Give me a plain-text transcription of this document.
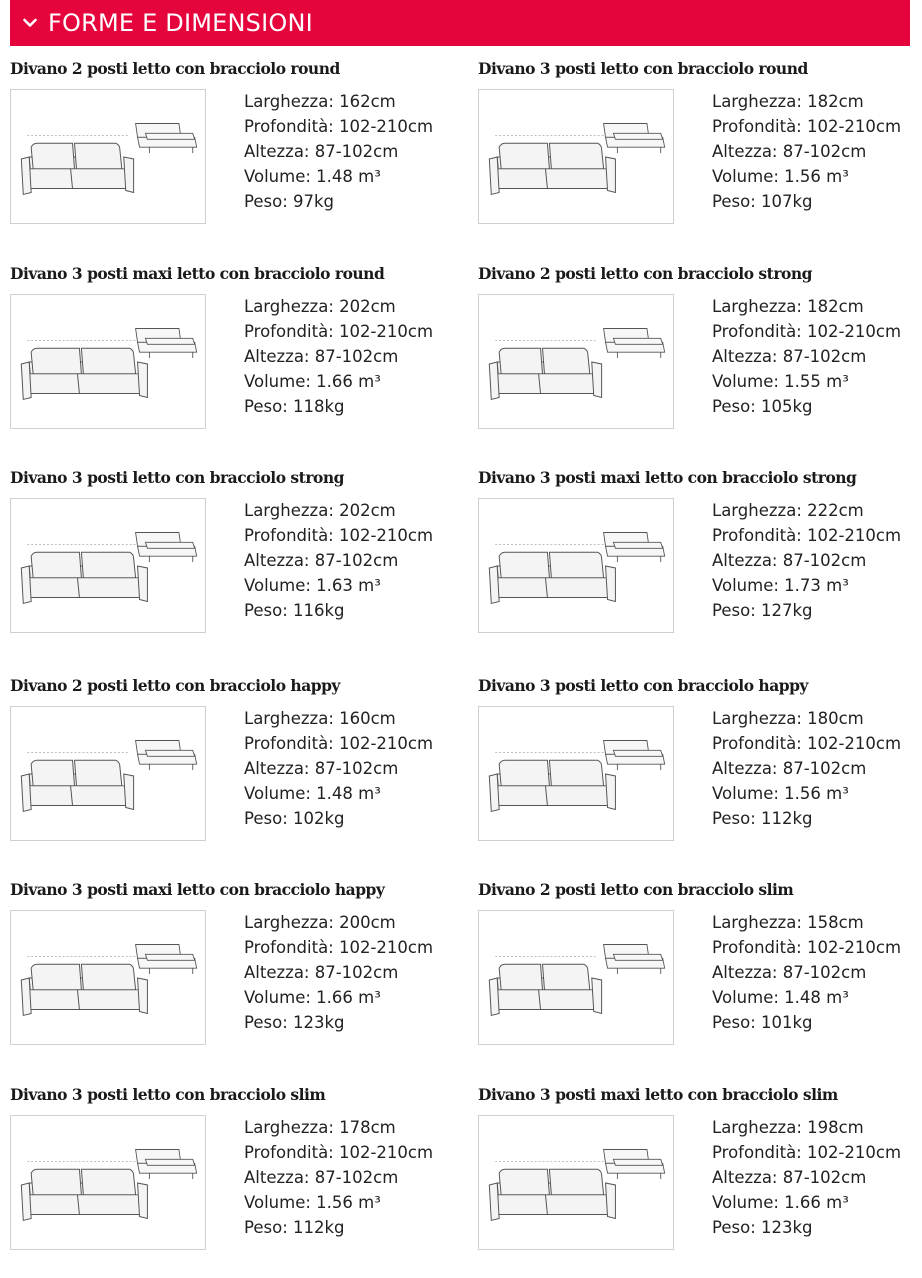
FORME E DIMENSIONI
Divano 2 posti letto con bracciolo round
Larghezza: 162cm
Profondità: 102-210cm
Altezza: 87-102cm
Volume: 1.48 m³
Peso: 97kg
Divano 3 posti letto con bracciolo round
Larghezza: 182cm
Profondità: 102-210cm
Altezza: 87-102cm
Volume: 1.56 m³
Peso: 107kg
Divano 3 posti maxi letto con bracciolo round
Larghezza: 202cm
Profondità: 102-210cm
Altezza: 87-102cm
Volume: 1.66 m³
Peso: 118kg
Divano 2 posti letto con bracciolo strong
Larghezza: 182cm
Profondità: 102-210cm
Altezza: 87-102cm
Volume: 1.55 m³
Peso: 105kg
Divano 3 posti letto con bracciolo strong
Larghezza: 202cm
Profondità: 102-210cm
Altezza: 87-102cm
Volume: 1.63 m³
Peso: 116kg
Divano 3 posti maxi letto con bracciolo strong
Larghezza: 222cm
Profondità: 102-210cm
Altezza: 87-102cm
Volume: 1.73 m³
Peso: 127kg
Divano 2 posti letto con bracciolo happy
Larghezza: 160cm
Profondità: 102-210cm
Altezza: 87-102cm
Volume: 1.48 m³
Peso: 102kg
Divano 3 posti letto con bracciolo happy
Larghezza: 180cm
Profondità: 102-210cm
Altezza: 87-102cm
Volume: 1.56 m³
Peso: 112kg
Divano 3 posti maxi letto con bracciolo happy
Larghezza: 200cm
Profondità: 102-210cm
Altezza: 87-102cm
Volume: 1.66 m³
Peso: 123kg
Divano 2 posti letto con bracciolo slim
Larghezza: 158cm
Profondità: 102-210cm
Altezza: 87-102cm
Volume: 1.48 m³
Peso: 101kg
Divano 3 posti letto con bracciolo slim
Larghezza: 178cm
Profondità: 102-210cm
Altezza: 87-102cm
Volume: 1.56 m³
Peso: 112kg
Divano 3 posti maxi letto con bracciolo slim
Larghezza: 198cm
Profondità: 102-210cm
Altezza: 87-102cm
Volume: 1.66 m³
Peso: 123kg
